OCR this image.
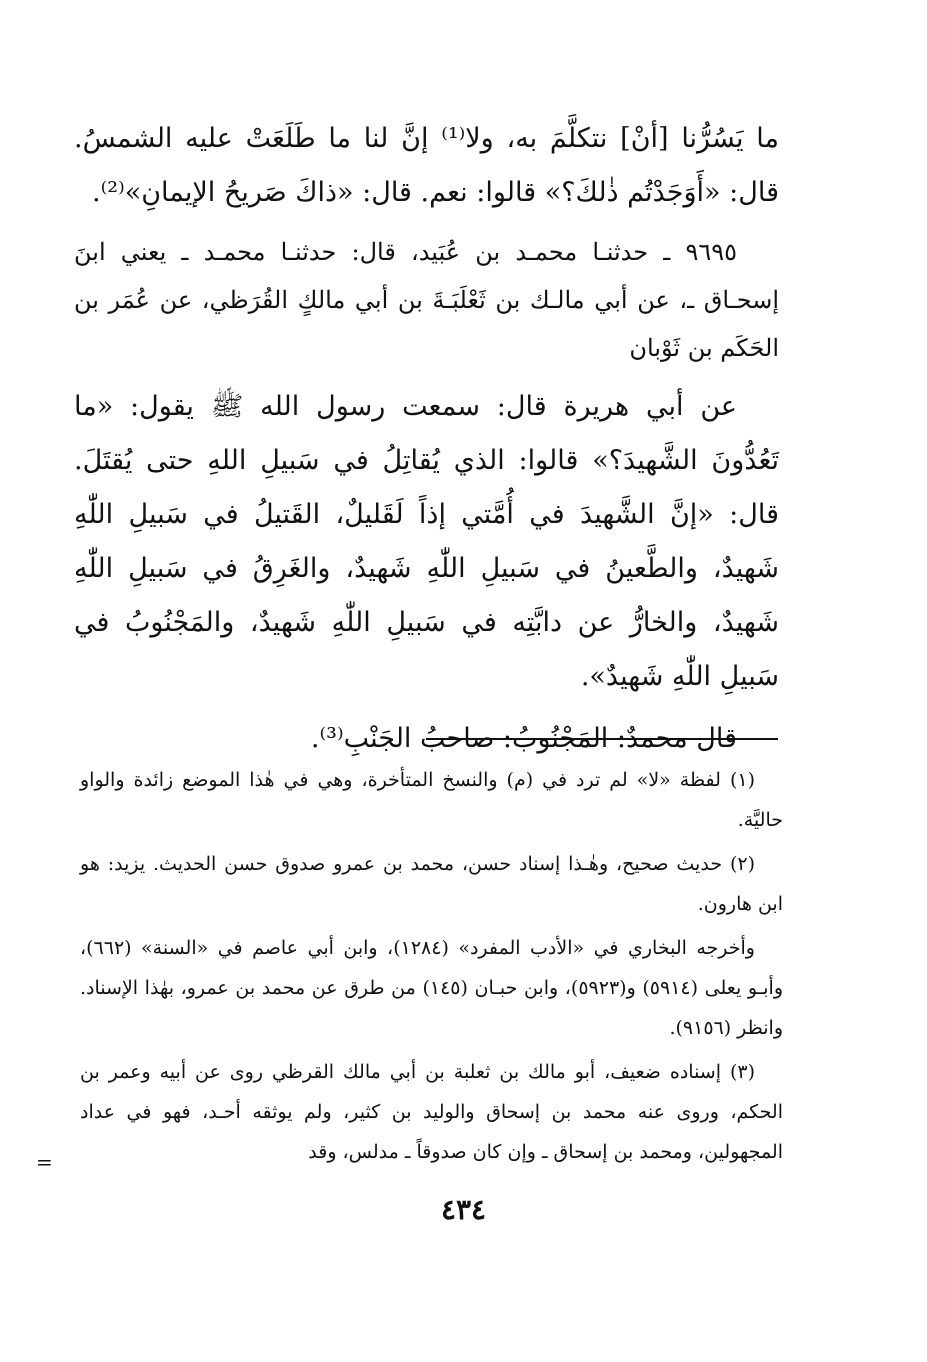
ما يَسُرُّنا [أنْ] نتكلَّمَ به، ولا⁽¹⁾ إنَّ لنا ما طَلَعَتْ عليه الشمسُ. قال: «أَوَجَدْتُم ذٰلكَ؟» قالوا: نعم. قال: «ذاكَ صَريحُ الإيمانِ»⁽²⁾.

٩٦٩٥ ـ حدثنـا محمـد بن عُبَيد، قال: حدثنـا محمـد ـ يعني ابنَ إسحـاق ـ، عن أبي مالـك بن ثَعْلَبَـةَ بن أبي مالكٍ القُرَظي، عن عُمَر بن الحَكَم بن ثَوْبان

عن أبي هريرة قال: سمعت رسول الله ﷺ يقول: «ما تَعُدُّونَ الشَّهيدَ؟» قالوا: الذي يُقاتِلُ في سَبيلِ اللهِ حتى يُقتَلَ. قال: «إنَّ الشَّهيدَ في أُمَّتي إذاً لَقَليلٌ، القَتيلُ في سَبيلِ اللّٰهِ شَهيدٌ، والطَّعينُ في سَبيلِ اللّٰهِ شَهيدٌ، والغَرِقُ في سَبيلِ اللّٰهِ شَهيدٌ، والخارُّ عن دابَّتِه في سَبيلِ اللّٰهِ شَهيدٌ، والمَجْنُوبُ في سَبيلِ اللّٰهِ شَهيدٌ».

قال محمدٌ: المَجْنُوبُ: صاحبُ الجَنْبِ⁽³⁾.

(١) لفظة «لا» لم ترد في (م) والنسخ المتأخرة، وهي في هٰذا الموضع زائدة والواو حاليَّة.

(٢) حديث صحيح، وهٰـذا إسناد حسن، محمد بن عمرو صدوق حسن الحديث. يزيد: هو ابن هارون.

وأخرجه البخاري في «الأدب المفرد» (١٢٨٤)، وابن أبي عاصم في «السنة» (٦٦٢)، وأبـو يعلى (٥٩١٤) و(٥٩٢٣)، وابن حبـان (١٤٥) من طرق عن محمد بن عمرو، بهٰذا الإسناد. وانظر (٩١٥٦).

(٣) إسناده ضعيف، أبو مالك بن ثعلبة بن أبي مالك القرظي روى عن أبيه وعمر بن الحكم، وروى عنه محمد بن إسحاق والوليد بن كثير، ولم يوثقه أحـد، فهو في عداد المجهولين، ومحمد بن إسحاق ـ وإن كان صدوقاً ـ مدلس، وقد

=
٤٣٤
